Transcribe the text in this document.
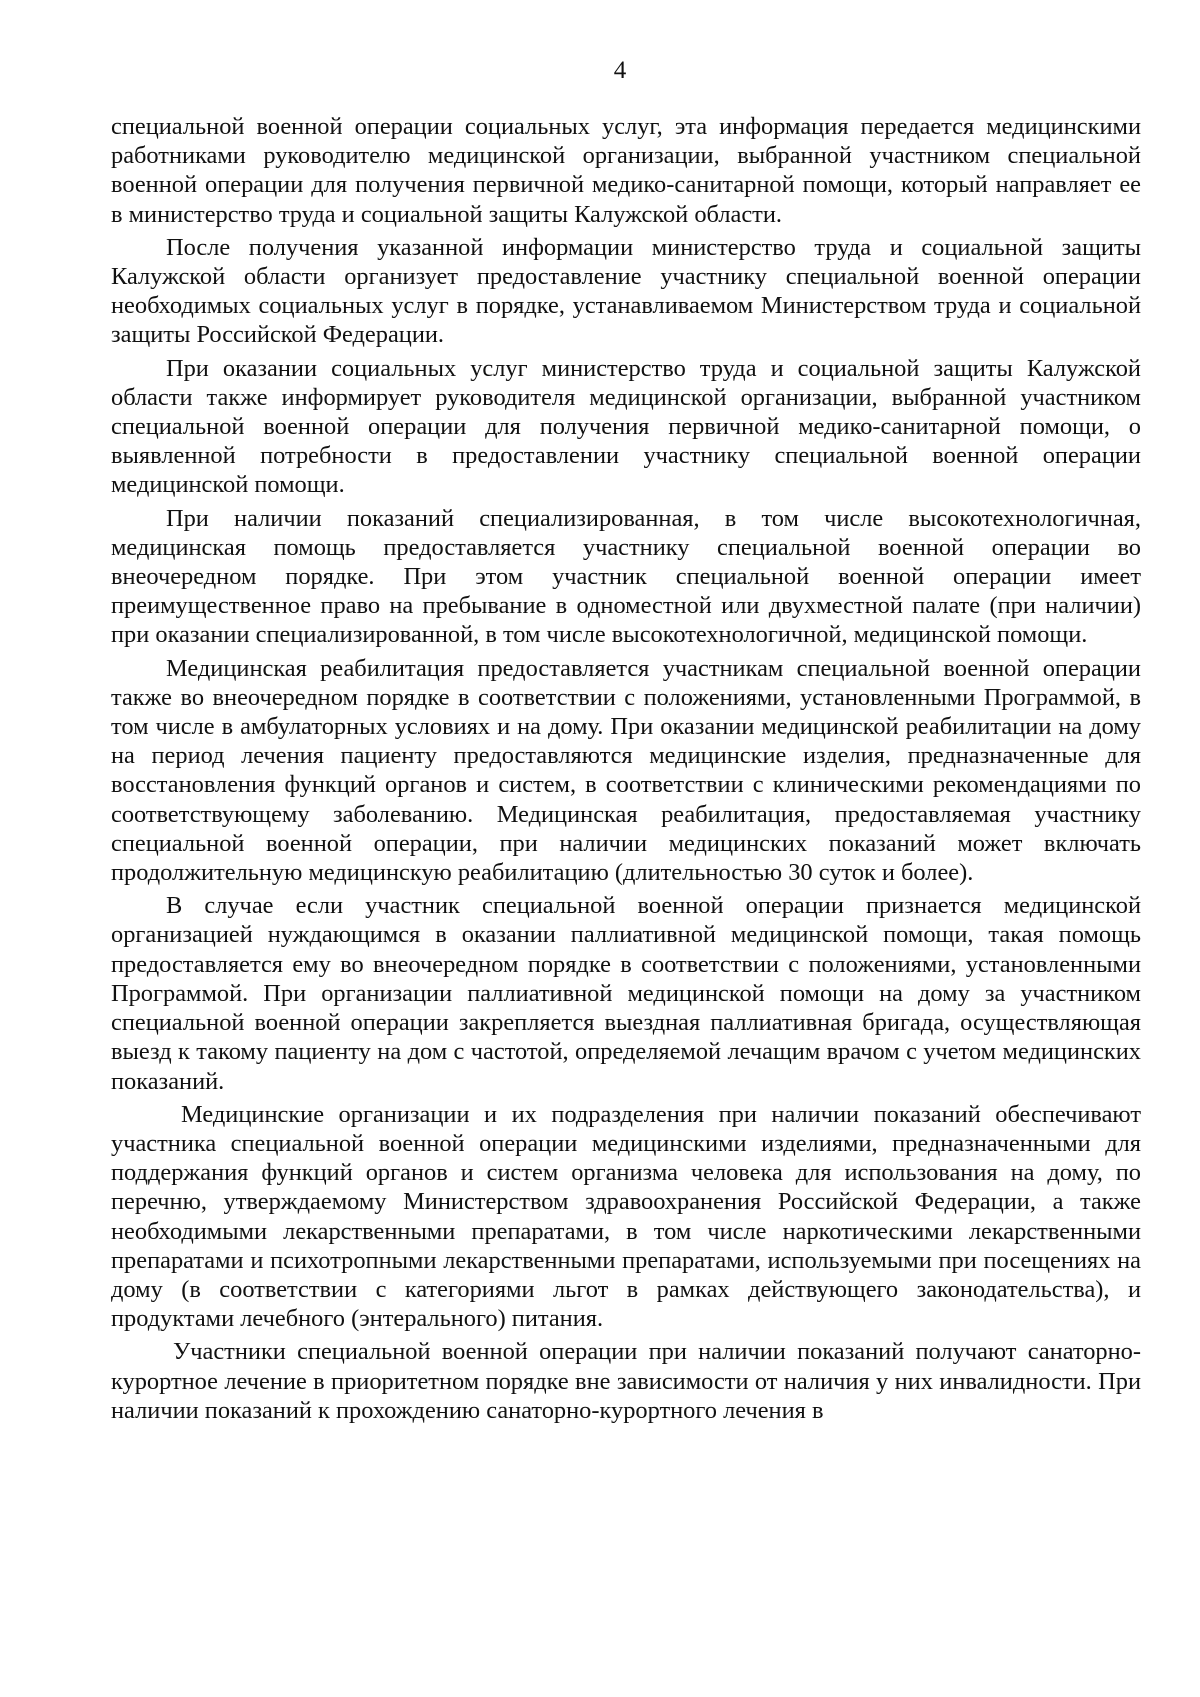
4

специальной военной операции социальных услуг, эта информация передается медицинскими работниками руководителю медицинской организации, выбранной участником специальной военной операции для получения первичной медико-санитарной помощи, который направляет ее в министерство труда и социальной защиты Калужской области.

После получения указанной информации министерство труда и социальной защиты Калужской области организует предоставление участнику специальной военной операции необходимых социальных услуг в порядке, устанавливаемом Министерством труда и социальной защиты Российской Федерации.

При оказании социальных услуг министерство труда и социальной защиты Калужской области также информирует руководителя медицинской организации, выбранной участником специальной военной операции для получения первичной медико-санитарной помощи, о выявленной потребности в предоставлении участнику специальной военной операции медицинской помощи.

При наличии показаний специализированная, в том числе высокотехнологичная, медицинская помощь предоставляется участнику специальной военной операции во внеочередном порядке. При этом участник специальной военной операции имеет преимущественное право на пребывание в одноместной или двухместной палате (при наличии) при оказании специализированной, в том числе высокотехнологичной, медицинской помощи.

Медицинская реабилитация предоставляется участникам специальной военной операции также во внеочередном порядке в соответствии с положениями, установленными Программой, в том числе в амбулаторных условиях и на дому. При оказании медицинской реабилитации на дому на период лечения пациенту предоставляются медицинские изделия, предназначенные для восстановления функций органов и систем, в соответствии с клиническими рекомендациями по соответствующему заболеванию. Медицинская реабилитация, предоставляемая участнику специальной военной операции, при наличии медицинских показаний может включать продолжительную медицинскую реабилитацию (длительностью 30 суток и более).

В случае если участник специальной военной операции признается медицинской организацией нуждающимся в оказании паллиативной медицинской помощи, такая помощь предоставляется ему во внеочередном порядке в соответствии с положениями, установленными Программой. При организации паллиативной медицинской помощи на дому за участником специальной военной операции закрепляется выездная паллиативная бригада, осуществляющая выезд к такому пациенту на дом с частотой, определяемой лечащим врачом с учетом медицинских показаний.

Медицинские организации и их подразделения при наличии показаний обеспечивают участника специальной военной операции медицинскими изделиями, предназначенными для поддержания функций органов и систем организма человека для использования на дому, по перечню, утверждаемому Министерством здравоохранения Российской Федерации, а также необходимыми лекарственными препаратами, в том числе наркотическими лекарственными препаратами и психотропными лекарственными препаратами, используемыми при посещениях на дому (в соответствии с категориями льгот в рамках действующего законодательства), и продуктами лечебного (энтерального) питания.

Участники специальной военной операции при наличии показаний получают санаторно-курортное лечение в приоритетном порядке вне зависимости от наличия у них инвалидности. При наличии показаний к прохождению санаторно-курортного лечения в
